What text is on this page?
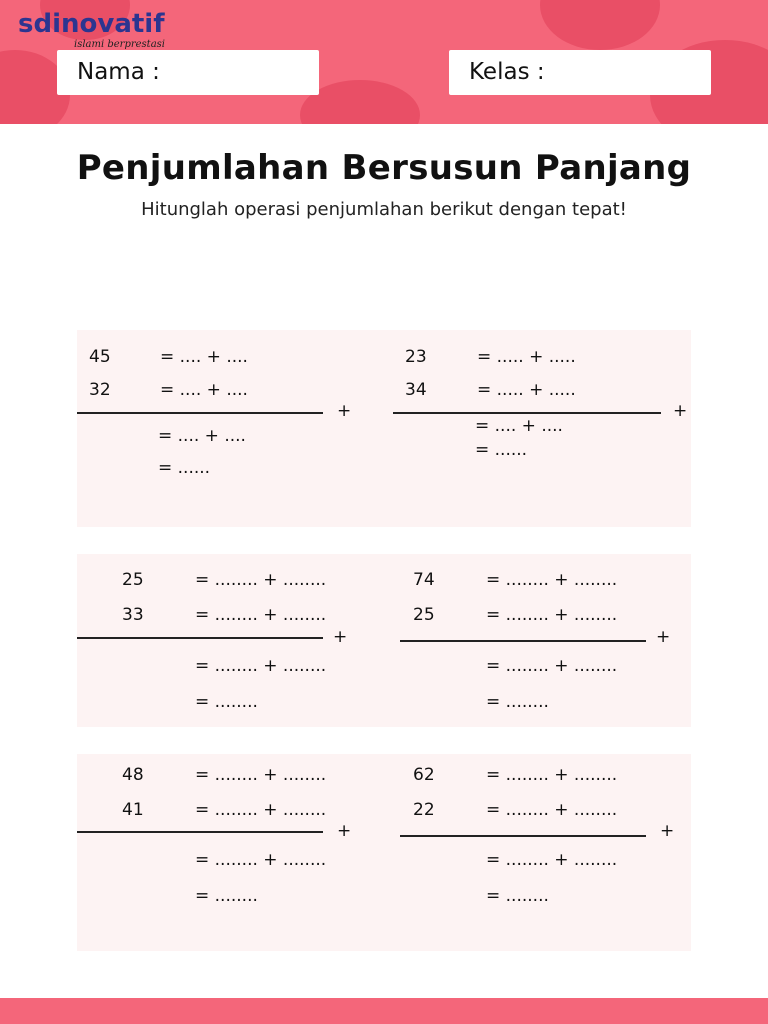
sdinovatif
islami berprestasi
Nama :	Kelas :
Penjumlahan Bersusun Panjang
Hitunglah operasi penjumlahan berikut dengan tepat!
45	= .... + ....
32	= .... + ....
+
= .... + ....
= ......
23	= ..... + .....
34	= ..... + .....
+
= .... + ....
= ......
25	= ........ + ........
33	= ........ + ........
+
= ........ + ........
= ........
74	= ........ + ........
25	= ........ + ........
+
= ........ + ........
= ........
48	= ........ + ........
41	= ........ + ........
+
= ........ + ........
= ........
62	= ........ + ........
22	= ........ + ........
+
= ........ + ........
= ........
